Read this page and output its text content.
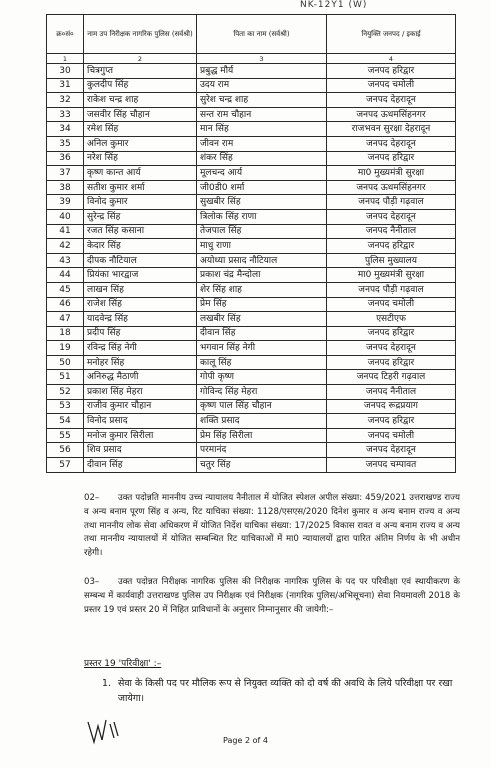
NK-12Y1 (W)
क्र०सं०	नाम उप निरीक्षक नागरिक पुलिस (सर्वश्री)	पिता का नाम (सर्वश्री)	नियुक्ति जनपद / इकाई
1	2	3	4
30	चित्रगुप्त	प्रबुद्ध मौर्य	जनपद हरिद्वार
31	कुलदीप सिंह	उदय राम	जनपद चमोली
32	राकेश चन्द्र शाह	सुरेश चन्द्र शाह	जनपद देहरादून
33	जसवीर सिंह चौहान	सन्त राम चौहान	जनपद ऊधमसिंहनगर
34	रमेश सिंह	मान सिंह	राजभवन सुरक्षा देहरादून
35	अनिल कुमार	जीवन राम	जनपद देहरादून
36	नरेश सिंह	शंकर सिंह	जनपद हरिद्वार
37	कृष्ण कान्त आर्य	मूलचन्द आर्य	मा0 मुख्यमंत्री सुरक्षा
38	सतीश कुमार शर्मा	जी0डी0 शर्मा	जनपद ऊधमसिंहनगर
39	विनोद कुमार	सुखबीर सिंह	जनपद पौड़ी गढ़वाल
40	सुरेन्द्र सिंह	त्रिलोक सिंह राणा	जनपद देहरादून
41	रजत सिंह कसाना	तेजपाल सिंह	जनपद नैनीताल
42	केदार सिंह	माधु राणा	जनपद हरिद्वार
43	दीपक नौटियाल	अयोध्या प्रसाद नौटियाल	पुलिस मुख्यालय
44	प्रियंका भारद्वाज	प्रकाश चंद्र मैन्दोला	मा0 मुख्यमंत्री सुरक्षा
45	लाखन सिंह	शेर सिंह शाह	जनपद पौड़ी गढ़वाल
46	राजेश सिंह	प्रेम सिंह	जनपद चमोली
47	यादवेन्द्र सिंह	लखबीर सिंह	एसटीएफ
18	प्रदीप सिंह	दीवान सिंह	जनपद हरिद्वार
19	रविन्द्र सिंह नेगी	भगवान सिंह नेगी	जनपद देहरादून
50	मनोहर सिंह	कालू सिंह	जनपद हरिद्वार
51	अनिरुद्ध मैठाणी	गोपी कृष्ण	जनपद टिहरी गढ़वाल
52	प्रकाश सिंह मेहरा	गोविन्द सिंह मेहरा	जनपद नैनीताल
53	राजीव कुमार चौहान	कृष्ण पाल सिंह चौहान	जनपद रूद्रप्रयाग
54	विनोद प्रसाद	शक्ति प्रसाद	जनपद हरिद्वार
55	मनोज कुमार सिरीला	प्रेम सिंह सिरीला	जनपद चमोली
56	शिव प्रसाद	परमानंद	जनपद देहरादून
57	दीवान सिंह	चतुर सिंह	जनपद चम्पावत
02– उक्त पदोन्नति माननीय उच्च न्यायालय नैनीताल में योजित स्पेशल अपील संख्या: 459/2021 उत्तराखण्ड राज्य व अन्य बनाम पूरण सिंह व अन्य, रिट याचिका संख्या: 1128/एसएस/2020 दिनेश कुमार व अन्य बनाम राज्य व अन्य तथा माननीय लोक सेवा अधिकरण में योजित निर्देश याचिका संख्या: 17/2025 विकास रावत व अन्य बनाम राज्य व अन्य तथा माननीय न्यायालयों में योजित सम्बन्धित रिट याचिकाओं में मा0 न्यायालयों द्वारा पारित अंतिम निर्णय के भी अधीन रहेगी।
03– उक्त पदोन्नत निरीक्षक नागरिक पुलिस की निरीक्षक नागरिक पुलिस के पद पर परिवीक्षा एवं स्थायीकरण के सम्बन्ध में कार्यवाही उत्तराखण्ड पुलिस उप निरीक्षक एवं निरीक्षक (नागरिक पुलिस/अभिसूचना) सेवा नियमावली 2018 के प्रस्तर 19 एवं प्रस्तर 20 में निहित प्राविधानों के अनुसार निम्नानुसार की जायेगी:–
प्रस्तर 19 'परिवीक्षा' :–
1. सेवा के किसी पद पर मौलिक रूप से नियुक्त व्यक्ति को दो वर्ष की अवधि के लिये परिवीक्षा पर रखा जायेगा।
Page 2 of 4
